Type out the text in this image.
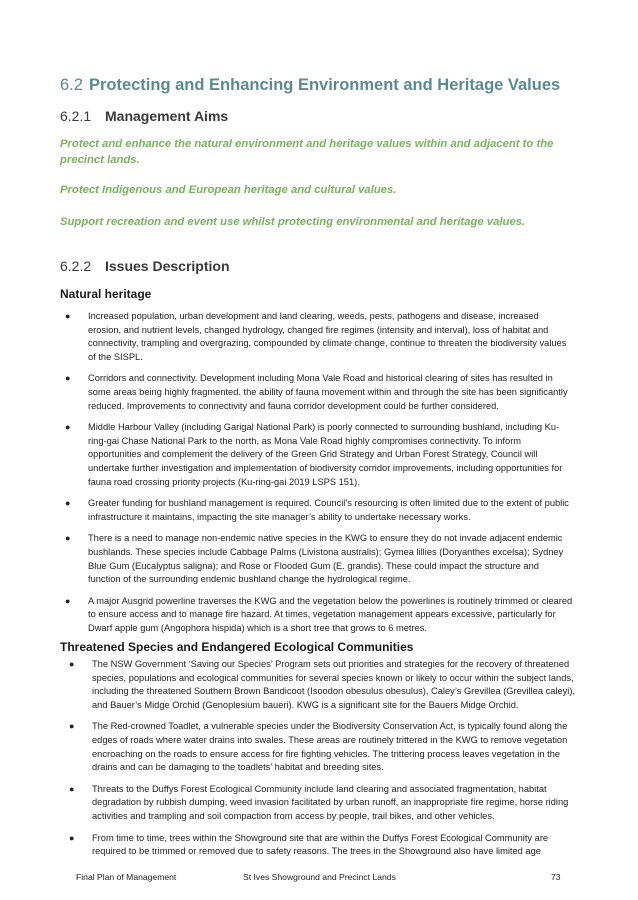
6.2 Protecting and Enhancing Environment and Heritage Values
6.2.1 Management Aims
Protect and enhance the natural environment and heritage values within and adjacent to the precinct lands.
Protect Indigenous and European heritage and cultural values.
Support recreation and event use whilst protecting environmental and heritage values.
6.2.2 Issues Description
Natural heritage
● Increased population, urban development and land clearing, weeds, pests, pathogens and disease, increased erosion, and nutrient levels, changed hydrology, changed fire regimes (intensity and interval), loss of habitat and connectivity, trampling and overgrazing, compounded by climate change, continue to threaten the biodiversity values of the SISPL.
● Corridors and connectivity. Development including Mona Vale Road and historical clearing of sites has resulted in some areas being highly fragmented. the ability of fauna movement within and through the site has been significantly reduced. Improvements to connectivity and fauna corridor development could be further considered.
● Middle Harbour Valley (including Garigal National Park) is poorly connected to surrounding bushland, including Ku-ring-gai Chase National Park to the north, as Mona Vale Road highly compromises connectivity. To inform opportunities and complement the delivery of the Green Grid Strategy and Urban Forest Strategy, Council will undertake further investigation and implementation of biodiversity corridor improvements, including opportunities for fauna road crossing priority projects (Ku-ring-gai 2019 LSPS 151).
● Greater funding for bushland management is required. Council’s resourcing is often limited due to the extent of public infrastructure it maintains, impacting the site manager’s ability to undertake necessary works.
● There is a need to manage non-endemic native species in the KWG to ensure they do not invade adjacent endemic bushlands. These species include Cabbage Palms (Livistona australis); Gymea lillies (Doryanthes excelsa); Sydney Blue Gum (Eucalyptus saligna); and Rose or Flooded Gum (E. grandis). These could impact the structure and function of the surrounding endemic bushland change the hydrological regime.
● A major Ausgrid powerline traverses the KWG and the vegetation below the powerlines is routinely trimmed or cleared to ensure access and to manage fire hazard. At times, vegetation management appears excessive, particularly for Dwarf apple gum (Angophora hispida) which is a short tree that grows to 6 metres.
Threatened Species and Endangered Ecological Communities
● The NSW Government ‘Saving our Species’ Program sets out priorities and strategies for the recovery of threatened species, populations and ecological communities for several species known or likely to occur within the subject lands, including the threatened Southern Brown Bandicoot (Isoodon obesulus obesulus), Caley’s Grevillea (Grevillea caleyi), and Bauer’s Midge Orchid (Genoplesium baueri). KWG is a significant site for the Bauers Midge Orchid.
● The Red-crowned Toadlet, a vulnerable species under the Biodiversity Conservation Act, is typically found along the edges of roads where water drains into swales. These areas are routinely trittered in the KWG to remove vegetation encroaching on the roads to ensure access for fire fighting vehicles. The trittering process leaves vegetation in the drains and can be damaging to the toadlets’ habitat and breeding sites.
● Threats to the Duffys Forest Ecological Community include land clearing and associated fragmentation, habitat degradation by rubbish dumping, weed invasion facilitated by urban runoff, an inappropriate fire regime, horse riding activities and trampling and soil compaction from access by people, trail bikes, and other vehicles.
● From time to time, trees within the Showground site that are within the Duffys Forest Ecological Community are required to be trimmed or removed due to safety reasons. The trees in the Showground also have limited age
Final Plan of Management	St Ives Showground and Precinct Lands	73
